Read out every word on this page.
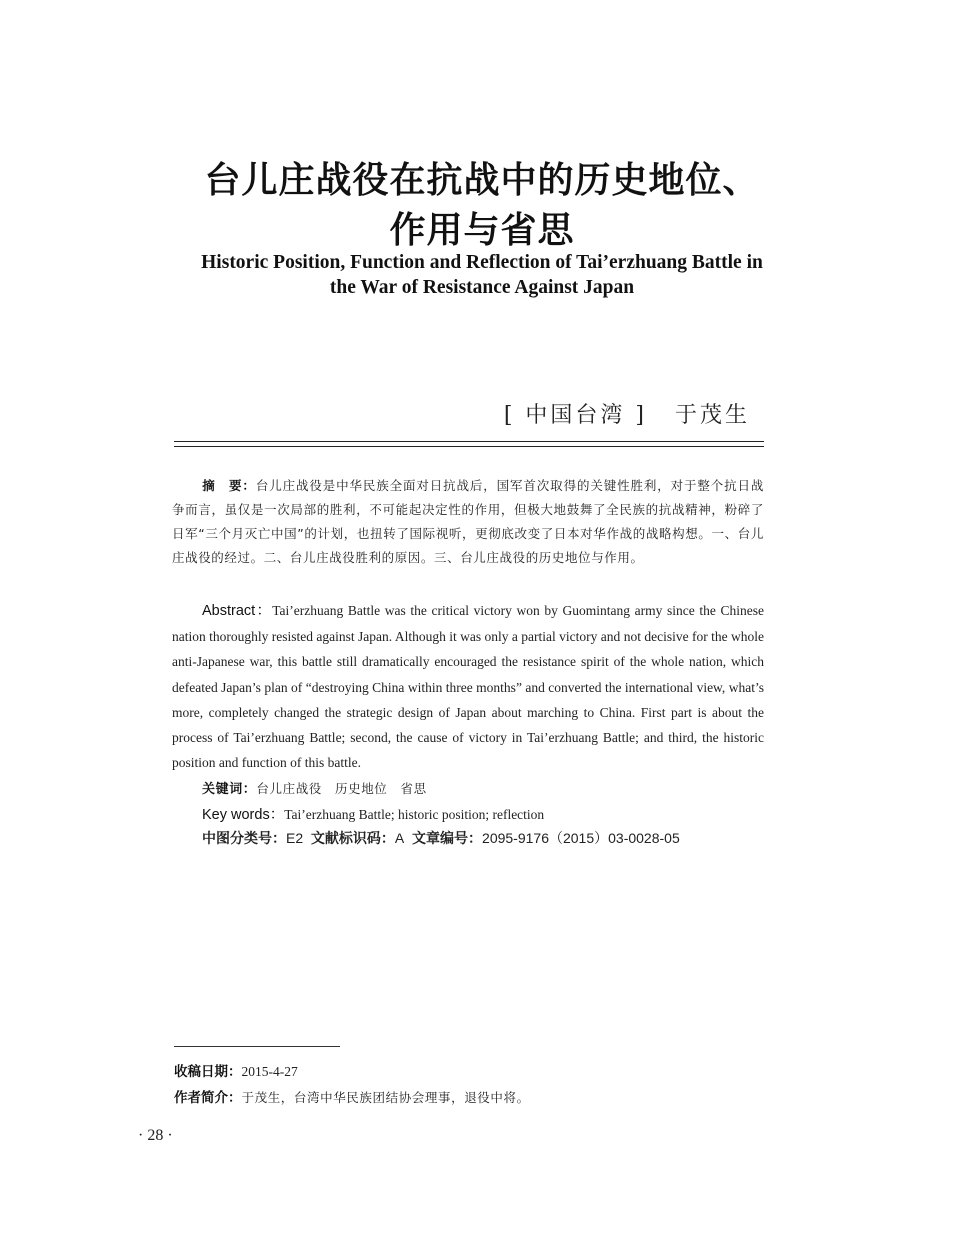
台儿庄战役在抗战中的历史地位、
作用与省思
Historic Position, Function and Reflection of Tai’erzhuang Battle in
the War of Resistance Against Japan
[ 中国台湾 ] 于茂生

摘　要：台儿庄战役是中华民族全面对日抗战后，国军首次取得的关键性胜利，对于整个抗日战争而言，虽仅是一次局部的胜利，不可能起决定性的作用，但极大地鼓舞了全民族的抗战精神，粉碎了日军“三个月灭亡中国”的计划，也扭转了国际视听，更彻底改变了日本对华作战的战略构想。一、台儿庄战役的经过。二、台儿庄战役胜利的原因。三、台儿庄战役的历史地位与作用。

Abstract：Tai’erzhuang Battle was the critical victory won by Guomintang army since the Chinese nation thoroughly resisted against Japan. Although it was only a partial victory and not decisive for the whole anti-Japanese war, this battle still dramatically encouraged the resistance spirit of the whole nation, which defeated Japan’s plan of “destroying China within three months” and converted the international view, what’s more, completely changed the strategic design of Japan about marching to China. First part is about the process of Tai’erzhuang Battle; second, the cause of victory in Tai’erzhuang Battle; and third, the historic position and function of this battle.

关键词：台儿庄战役　历史地位　省思
Key words：Tai’erzhuang Battle; historic position; reflection
中图分类号：E2 文献标识码：A 文章编号：2095-9176（2015）03-0028-05
收稿日期：2015-4-27
作者简介：于茂生，台湾中华民族团结协会理事，退役中将。
· 28 ·
